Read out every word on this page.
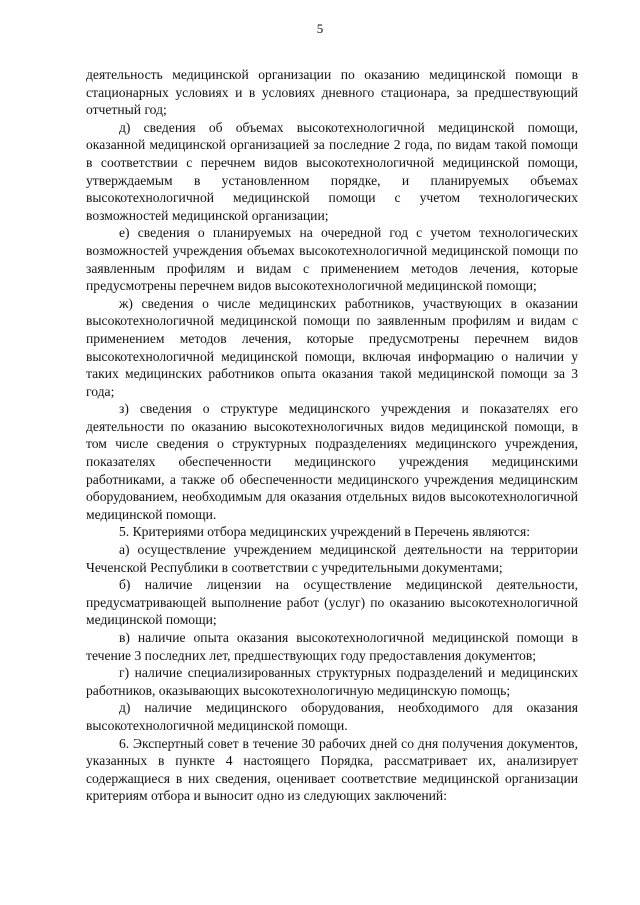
5

деятельность медицинской организации по оказанию медицинской помощи в стационарных условиях и в условиях дневного стационара, за предшествующий отчетный год;

д) сведения об объемах высокотехнологичной медицинской помощи, оказанной медицинской организацией за последние 2 года, по видам такой помощи в соответствии с перечнем видов высокотехнологичной медицинской помощи, утверждаемым в установленном порядке, и планируемых объемах высокотехнологичной медицинской помощи с учетом технологических возможностей медицинской организации;

е) сведения о планируемых на очередной год с учетом технологических возможностей учреждения объемах высокотехнологичной медицинской помощи по заявленным профилям и видам с применением методов лечения, которые предусмотрены перечнем видов высокотехнологичной медицинской помощи;

ж) сведения о числе медицинских работников, участвующих в оказании высокотехнологичной медицинской помощи по заявленным профилям и видам с применением методов лечения, которые предусмотрены перечнем видов высокотехнологичной медицинской помощи, включая информацию о наличии у таких медицинских работников опыта оказания такой медицинской помощи за 3 года;

з) сведения о структуре медицинского учреждения и показателях его деятельности по оказанию высокотехнологичных видов медицинской помощи, в том числе сведения о структурных подразделениях медицинского учреждения, показателях обеспеченности медицинского учреждения медицинскими работниками, а также об обеспеченности медицинского учреждения медицинским оборудованием, необходимым для оказания отдельных видов высокотехнологичной медицинской помощи.

5. Критериями отбора медицинских учреждений в Перечень являются:

а) осуществление учреждением медицинской деятельности на территории Чеченской Республики в соответствии с учредительными документами;

б) наличие лицензии на осуществление медицинской деятельности, предусматривающей выполнение работ (услуг) по оказанию высокотехнологичной медицинской помощи;

в) наличие опыта оказания высокотехнологичной медицинской помощи в течение 3 последних лет, предшествующих году предоставления документов;

г) наличие специализированных структурных подразделений и медицинских работников, оказывающих высокотехнологичную медицинскую помощь;

д) наличие медицинского оборудования, необходимого для оказания высокотехнологичной медицинской помощи.

6. Экспертный совет в течение 30 рабочих дней со дня получения документов, указанных в пункте 4 настоящего Порядка, рассматривает их, анализирует содержащиеся в них сведения, оценивает соответствие медицинской организации критериям отбора и выносит одно из следующих заключений:
